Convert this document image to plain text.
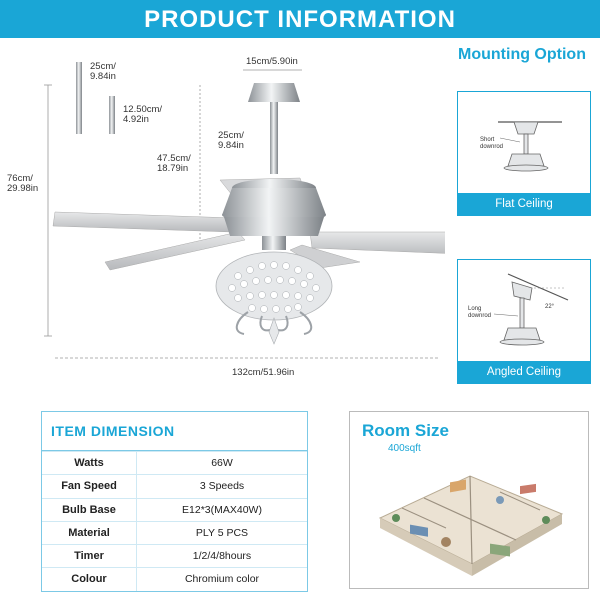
PRODUCT INFORMATION
25cm/
9.84in
12.50cm/
4.92in
15cm/5.90in
25cm/
9.84in
47.5cm/
18.79in
76cm/
29.98in
132cm/51.96in
Mounting Option
Short
downrod
Flat Ceiling
Long
downrod
22°
Angled Ceiling
ITEM DIMENSION
Watts	66W
Fan Speed	3 Speeds
Bulb Base	E12*3(MAX40W)
Material	PLY 5 PCS
Timer	1/2/4/8hours
Colour	Chromium color
Room Size
400sqft
